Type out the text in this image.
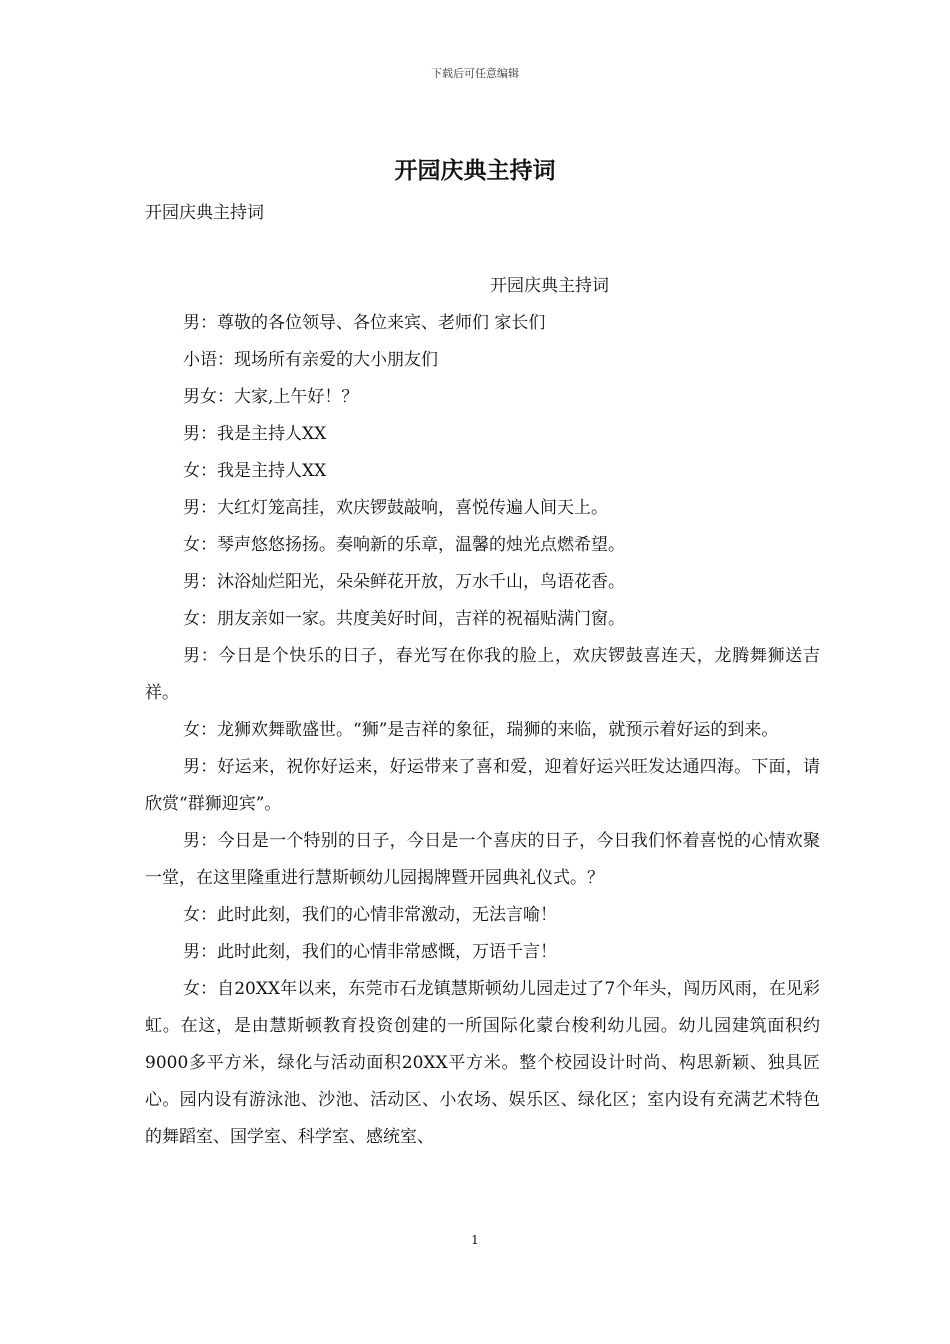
下载后可任意编辑
开园庆典主持词
开园庆典主持词

开园庆典主持词

男：尊敬的各位领导、各位来宾、老师们 家长们

小语：现场所有亲爱的大小朋友们

男女：大家,上午好！？

男：我是主持人XX

女：我是主持人XX

男：大红灯笼高挂，欢庆锣鼓敲响，喜悦传遍人间天上。

女：琴声悠悠扬扬。奏响新的乐章，温馨的烛光点燃希望。

男：沐浴灿烂阳光，朵朵鲜花开放，万水千山，鸟语花香。

女：朋友亲如一家。共度美好时间，吉祥的祝福贴满门窗。

男：今日是个快乐的日子，春光写在你我的脸上，欢庆锣鼓喜连天，龙腾舞狮送吉祥。

女：龙狮欢舞歌盛世。“狮”是吉祥的象征，瑞狮的来临，就预示着好运的到来。

男：好运来，祝你好运来，好运带来了喜和爱，迎着好运兴旺发达通四海。下面，请欣赏“群狮迎宾”。

男：今日是一个特别的日子，今日是一个喜庆的日子，今日我们怀着喜悦的心情欢聚一堂，在这里隆重进行慧斯顿幼儿园揭牌暨开园典礼仪式。？

女：此时此刻，我们的心情非常激动，无法言喻！

男：此时此刻，我们的心情非常感慨，万语千言！

女：自20XX年以来，东莞市石龙镇慧斯顿幼儿园走过了7个年头，闯历风雨，在见彩虹。在这，是由慧斯顿教育投资创建的一所国际化蒙台梭利幼儿园。幼儿园建筑面积约9000多平方米，绿化与活动面积20XX平方米。整个校园设计时尚、构思新颖、独具匠心。园内设有游泳池、沙池、活动区、小农场、娱乐区、绿化区；室内设有充满艺术特色的舞蹈室、国学室、科学室、感统室、

1
